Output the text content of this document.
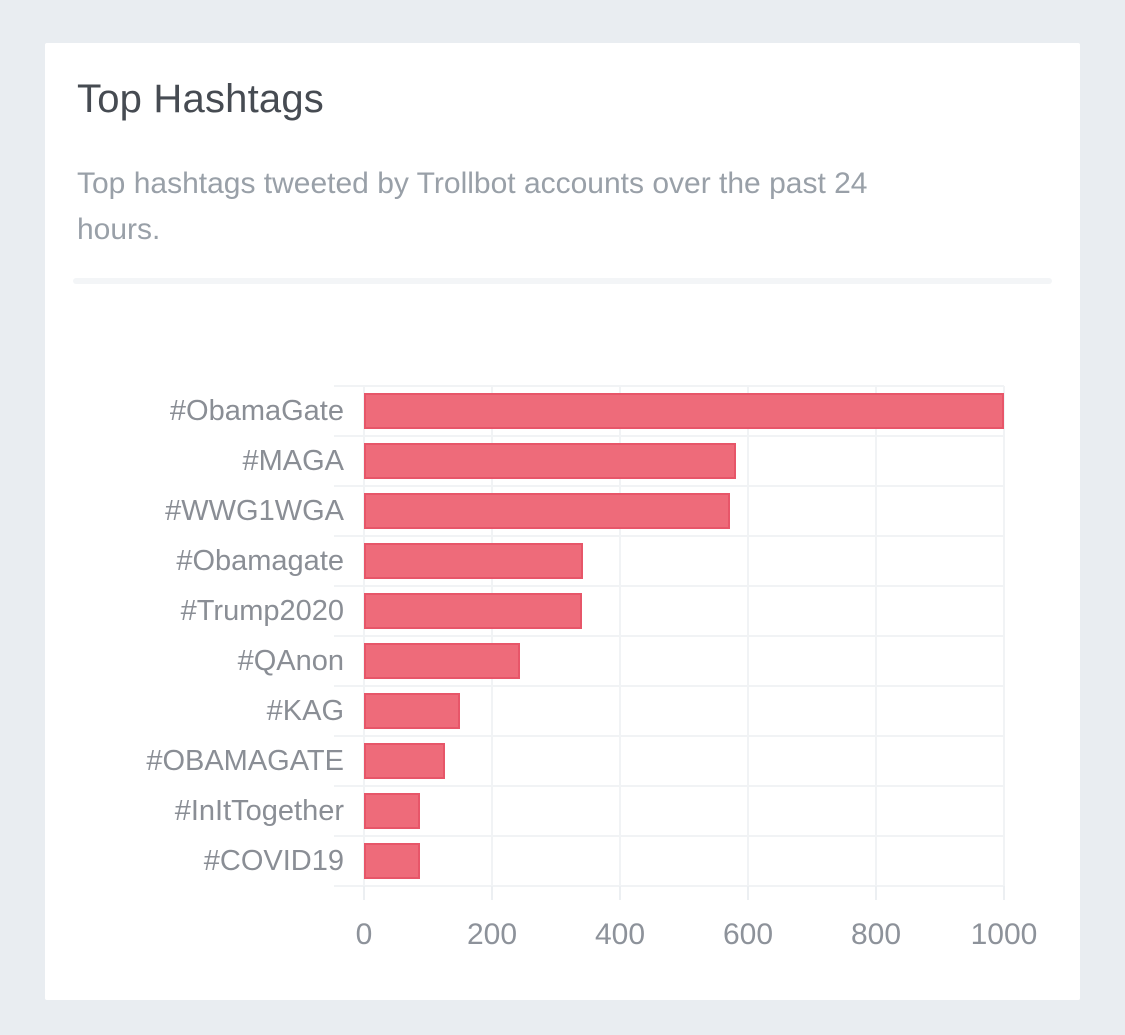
Top Hashtags
Top hashtags tweeted by Trollbot accounts over the past 24 hours.
0	200	400	600	800 1000
#ObamaGate
#MAGA
#WWG1WGA
#Obamagate
#Trump2020
#QAnon
#KAG
#OBAMAGATE
#InItTogether
#COVID19
